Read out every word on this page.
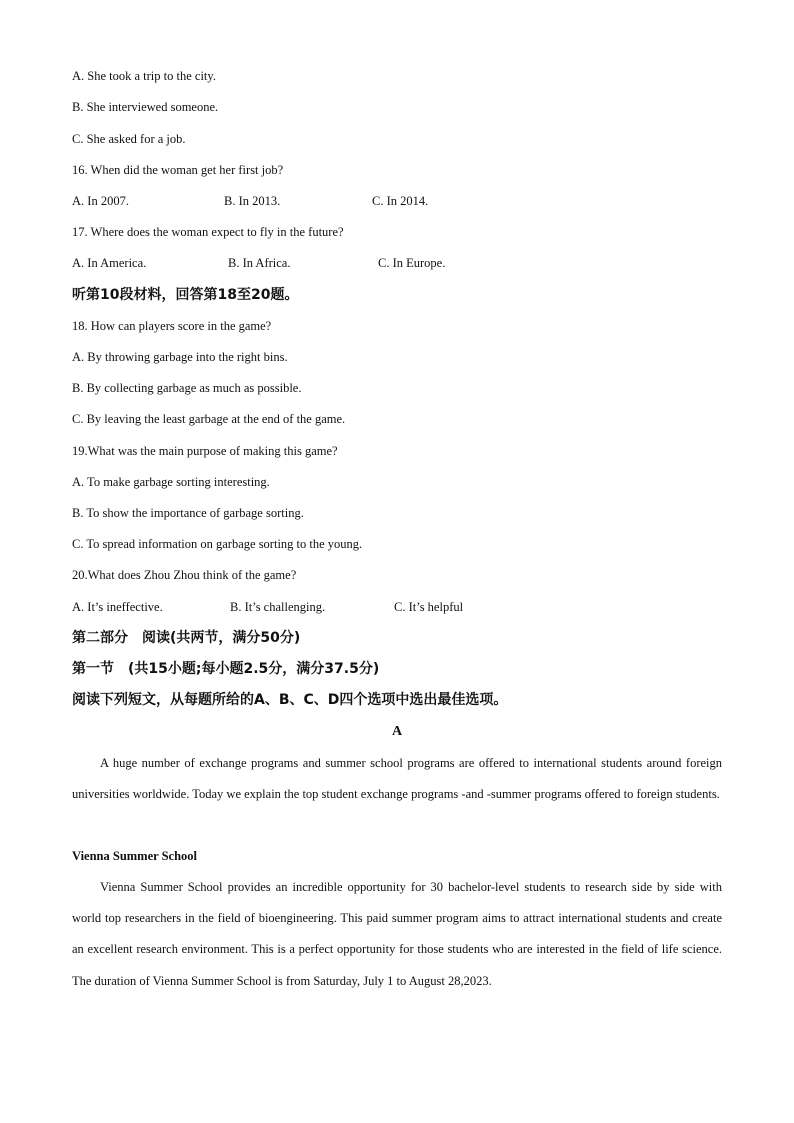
A. She took a trip to the city.
B. She interviewed someone.
C. She asked for a job.
16. When did the woman get her first job?
A. In 2007.	B. In 2013.	C. In 2014.
17. Where does the woman expect to fly in the future?
A. In America.	B. In Africa.	C. In Europe.
听第10段材料，回答第18至20题。
18. How can players score in the game?
A. By throwing garbage into the right bins.
B. By collecting garbage as much as possible.
C. By leaving the least garbage at the end of the game.
19.What was the main purpose of making this game?
A. To make garbage sorting interesting.
B. To show the importance of garbage sorting.
C. To spread information on garbage sorting to the young.
20.What does Zhou Zhou think of the game?
A. It’s ineffective.	B. It’s challenging.	C. It’s helpful
第二部分　阅读(共两节，满分50分)
第一节　(共15小题;每小题2.5分，满分37.5分)
阅读下列短文，从每题所给的A、B、C、D四个选项中选出最佳选项。
A
A huge number of exchange programs and summer school programs are offered to international students around foreign universities worldwide. Today we explain the top student exchange programs -and -summer programs offered to foreign students.
Vienna Summer School
Vienna Summer School provides an incredible opportunity for 30 bachelor-level students to research side by side with world top researchers in the field of bioengineering. This paid summer program aims to attract international students and create an excellent research environment. This is a perfect opportunity for those students who are interested in the field of life science. The duration of Vienna Summer School is from Saturday, July 1 to August 28,2023.
